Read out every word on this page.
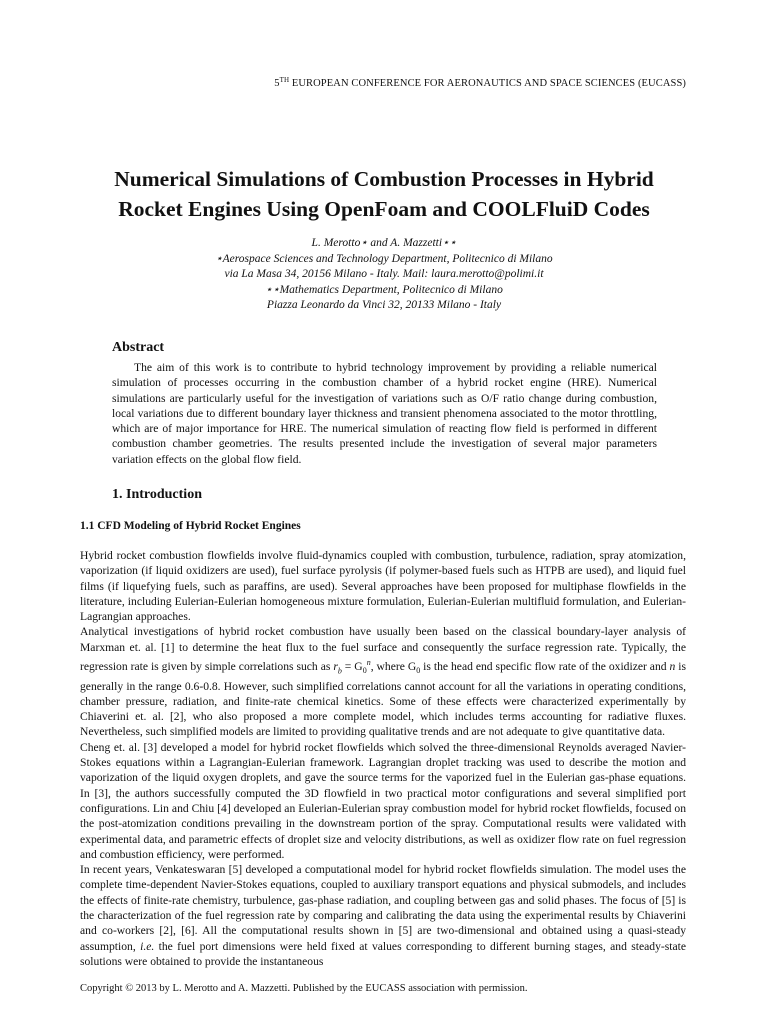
5TH EUROPEAN CONFERENCE FOR AERONAUTICS AND SPACE SCIENCES (EUCASS)
Numerical Simulations of Combustion Processes in Hybrid
Rocket Engines Using OpenFoam and COOLFluiD Codes
L. Merotto⋆ and A. Mazzetti⋆⋆
⋆Aerospace Sciences and Technology Department, Politecnico di Milano
via La Masa 34, 20156 Milano - Italy. Mail: laura.merotto@polimi.it
⋆⋆Mathematics Department, Politecnico di Milano
Piazza Leonardo da Vinci 32, 20133 Milano - Italy
Abstract

The aim of this work is to contribute to hybrid technology improvement by providing a reliable numerical simulation of processes occurring in the combustion chamber of a hybrid rocket engine (HRE). Numerical simulations are particularly useful for the investigation of variations such as O/F ratio change during combustion, local variations due to different boundary layer thickness and transient phenomena associated to the motor throttling, which are of major importance for HRE. The numerical simulation of reacting flow field is performed in different combustion chamber geometries. The results presented include the investigation of several major parameters variation effects on the global flow field.

1. Introduction
1.1 CFD Modeling of Hybrid Rocket Engines

Hybrid rocket combustion flowfields involve fluid-dynamics coupled with combustion, turbulence, radiation, spray atomization, vaporization (if liquid oxidizers are used), fuel surface pyrolysis (if polymer-based fuels such as HTPB are used), and liquid fuel films (if liquefying fuels, such as paraffins, are used). Several approaches have been proposed for multiphase flowfields in the literature, including Eulerian-Eulerian homogeneous mixture formulation, Eulerian-Eulerian multifluid formulation, and Eulerian- Lagrangian approaches.

Analytical investigations of hybrid rocket combustion have usually been based on the classical boundary-layer analysis of Marxman et. al. [1] to determine the heat flux to the fuel surface and consequently the surface regression rate. Typically, the regression rate is given by simple correlations such as $r_b = G_0^n$, where $G_0$ is the head end specific flow rate of the oxidizer and n is generally in the range 0.6-0.8. However, such simplified correlations cannot account for all the variations in operating conditions, chamber pressure, radiation, and finite-rate chemical kinetics. Some of these effects were characterized experimentally by Chiaverini et. al. [2], who also proposed a more complete model, which includes terms accounting for radiative fluxes. Nevertheless, such simplified models are limited to providing qualitative trends and are not adequate to give quantitative data.

Cheng et. al. [3] developed a model for hybrid rocket flowfields which solved the three-dimensional Reynolds averaged Navier-Stokes equations within a Lagrangian-Eulerian framework. Lagrangian droplet tracking was used to describe the motion and vaporization of the liquid oxygen droplets, and gave the source terms for the vaporized fuel in the Eulerian gas-phase equations. In [3], the authors successfully computed the 3D flowfield in two practical motor configurations and several simplified port configurations. Lin and Chiu [4] developed an Eulerian-Eulerian spray combustion model for hybrid rocket flowfields, focused on the post-atomization conditions prevailing in the downstream portion of the spray. Computational results were validated with experimental data, and parametric effects of droplet size and velocity distributions, as well as oxidizer flow rate on fuel regression and combustion efficiency, were performed.

In recent years, Venkateswaran [5] developed a computational model for hybrid rocket flowfields simulation. The model uses the complete time-dependent Navier-Stokes equations, coupled to auxiliary transport equations and physical submodels, and includes the effects of finite-rate chemistry, turbulence, gas-phase radiation, and coupling between gas and solid phases. The focus of [5] is the characterization of the fuel regression rate by comparing and calibrating the data using the experimental results by Chiaverini and co-workers [2], [6]. All the computational results shown in [5] are two-dimensional and obtained using a quasi-steady assumption, i.e. the fuel port dimensions were held fixed at values corresponding to different burning stages, and steady-state solutions were obtained to provide the instantaneous

Copyright © 2013 by L. Merotto and A. Mazzetti. Published by the EUCASS association with permission.
